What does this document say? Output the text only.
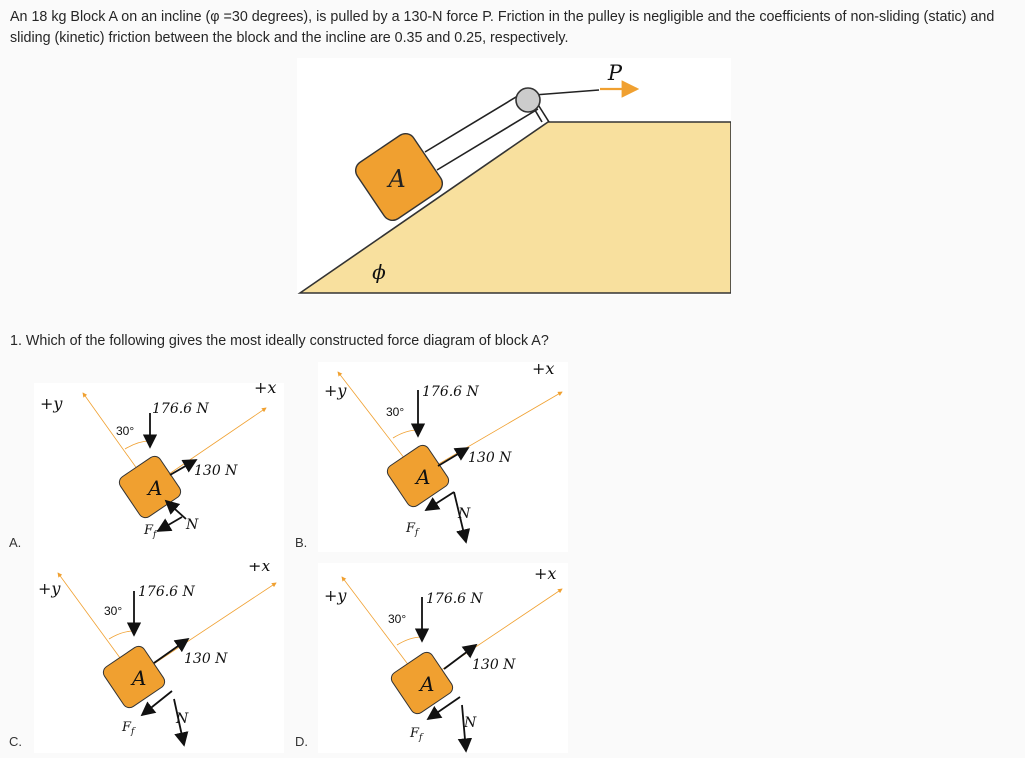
An 18 kg Block A on an incline (φ =30 degrees), is pulled by a 130-N force P. Friction in the pulley is negligible and the coefficients of non-sliding (static) and sliding (kinetic) friction between the block and the incline are 0.35 and 0.25, respectively.
P
A
ϕ
1. Which of the following gives the most ideally constructed force diagram of block A?
A.	B.
C.	D.
+y
+x
30°
176.6 N
130 N
N
$F_f$
A
+y
+x
30°
176.6 N
130 N
N
$F_f$
A
+y
+x
30°
176.6 N
130 N
N
$F_f$
A
+y
+x
30°
176.6 N
130 N
N
$F_f$
A
